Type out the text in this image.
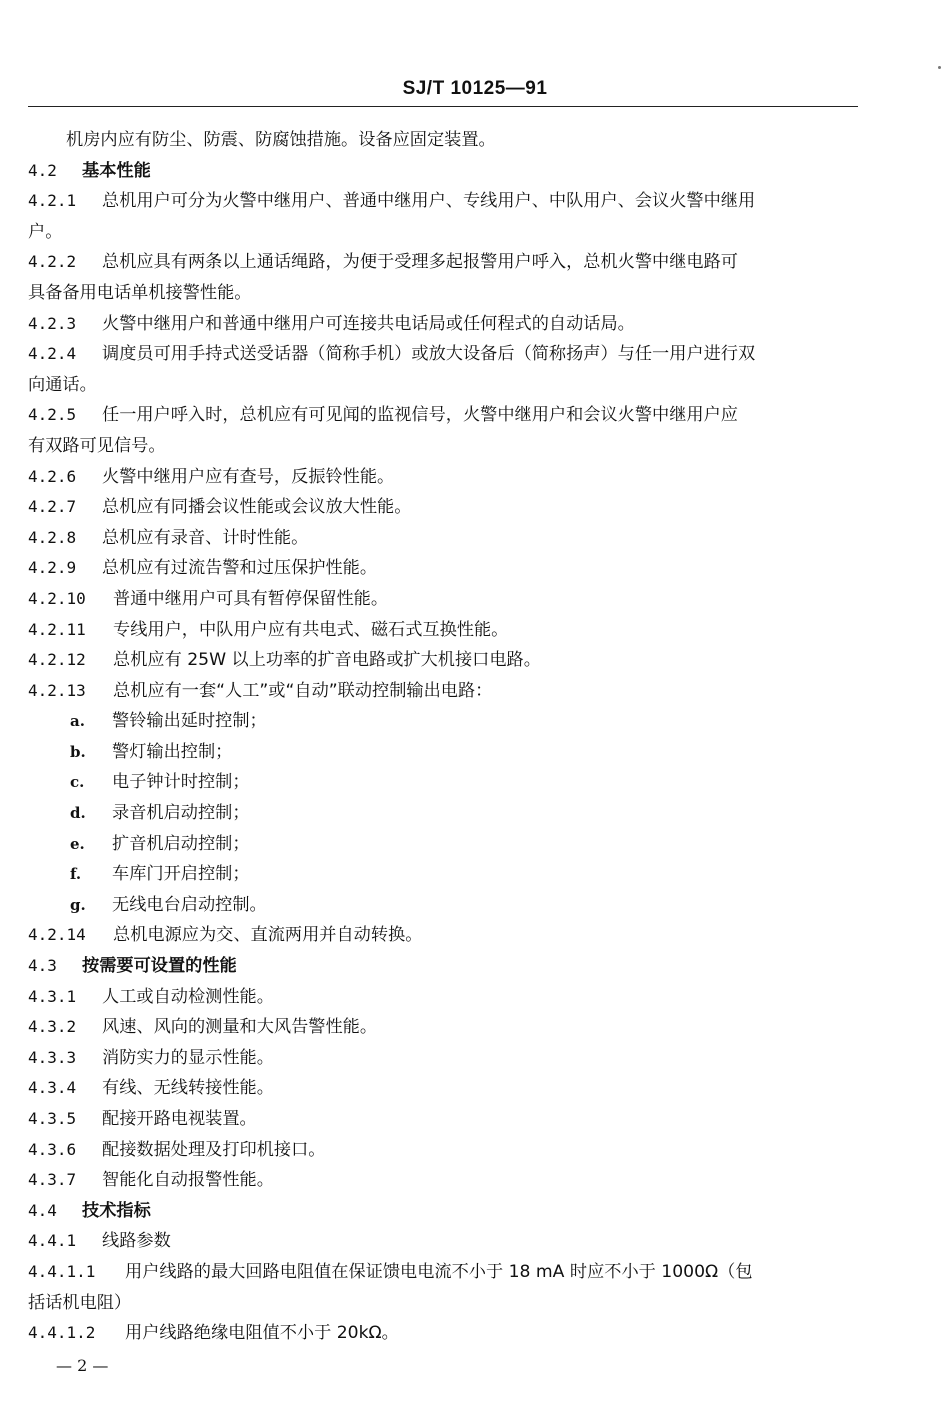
SJ/T 10125—91
机房内应有防尘、防震、防腐蚀措施。设备应固定装置。
4.2 基本性能
4.2.1 总机用户可分为火警中继用户、普通中继用户、专线用户、中队用户、会议火警中继用
户。
4.2.2 总机应具有两条以上通话绳路，为便于受理多起报警用户呼入，总机火警中继电路可
具备备用电话单机接警性能。
4.2.3 火警中继用户和普通中继用户可连接共电话局或任何程式的自动话局。
4.2.4 调度员可用手持式送受话器（简称手机）或放大设备后（简称扬声）与任一用户进行双
向通话。
4.2.5 任一用户呼入时，总机应有可见闻的监视信号，火警中继用户和会议火警中继用户应
有双路可见信号。
4.2.6 火警中继用户应有查号，反振铃性能。
4.2.7 总机应有同播会议性能或会议放大性能。
4.2.8 总机应有录音、计时性能。
4.2.9 总机应有过流告警和过压保护性能。
4.2.10 普通中继用户可具有暂停保留性能。
4.2.11 专线用户，中队用户应有共电式、磁石式互换性能。
4.2.12 总机应有 25W 以上功率的扩音电路或扩大机接口电路。
4.2.13 总机应有一套“人工”或“自动”联动控制输出电路：
a. 警铃输出延时控制；
b. 警灯输出控制；
c. 电子钟计时控制；
d. 录音机启动控制；
e. 扩音机启动控制；
f. 车库门开启控制；
g. 无线电台启动控制。
4.2.14 总机电源应为交、直流两用并自动转换。
4.3 按需要可设置的性能
4.3.1 人工或自动检测性能。
4.3.2 风速、风向的测量和大风告警性能。
4.3.3 消防实力的显示性能。
4.3.4 有线、无线转接性能。
4.3.5 配接开路电视装置。
4.3.6 配接数据处理及打印机接口。
4.3.7 智能化自动报警性能。
4.4 技术指标
4.4.1 线路参数
4.4.1.1 用户线路的最大回路电阻值在保证馈电电流不小于 18 mA 时应不小于 1000Ω（包
括话机电阻）
4.4.1.2 用户线路绝缘电阻值不小于 20kΩ。
— 2 —
